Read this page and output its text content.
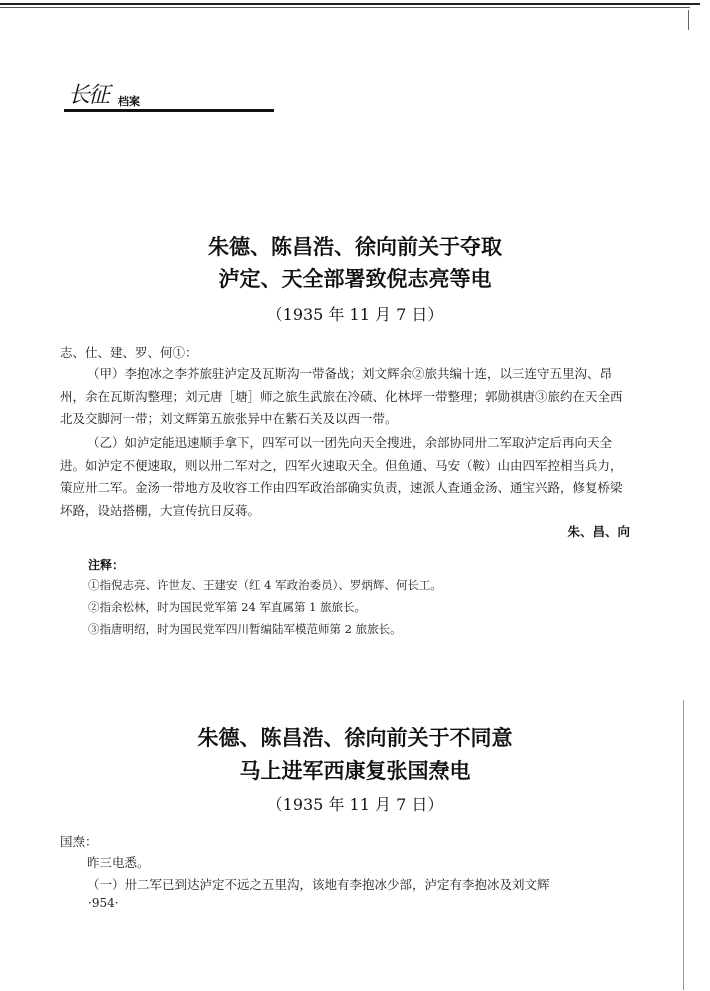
长征 档案
朱德、陈昌浩、徐向前关于夺取
泸定、天全部署致倪志亮等电
（1935 年 11 月 7 日）
志、仕、建、罗、何①：
（甲）李抱冰之李芥旅驻泸定及瓦斯沟一带备战；刘文辉余②旅共编十连，以三连守五里沟、昂州，余在瓦斯沟整理；刘元唐［塘］师之旅生武旅在冷碛、化林坪一带整理；郭勋祺唐③旅约在天全西北及交脚河一带；刘文辉第五旅张异中在紫石关及以西一带。
（乙）如泸定能迅速顺手拿下，四军可以一团先向天全搜进，余部协同卅二军取泸定后再向天全进。如泸定不便速取，则以卅二军对之，四军火速取天全。但鱼通、马安（鞍）山由四军控相当兵力，策应卅二军。金汤一带地方及收容工作由四军政治部确实负责，速派人查通金汤、通宝兴路，修复桥梁坏路，设站搭棚，大宣传抗日反蒋。
朱、昌、向
注释：
①指倪志亮、许世友、王建安（红 4 军政治委员）、罗炳辉、何长工。
②指余松林，时为国民党军第 24 军直属第 1 旅旅长。
③指唐明绍，时为国民党军四川暂编陆军模范师第 2 旅旅长。
朱德、陈昌浩、徐向前关于不同意
马上进军西康复张国焘电
（1935 年 11 月 7 日）
国焘：
昨三电悉。
（一）卅二军已到达泸定不远之五里沟，该地有李抱冰少部，泸定有李抱冰及刘文辉
·954·
